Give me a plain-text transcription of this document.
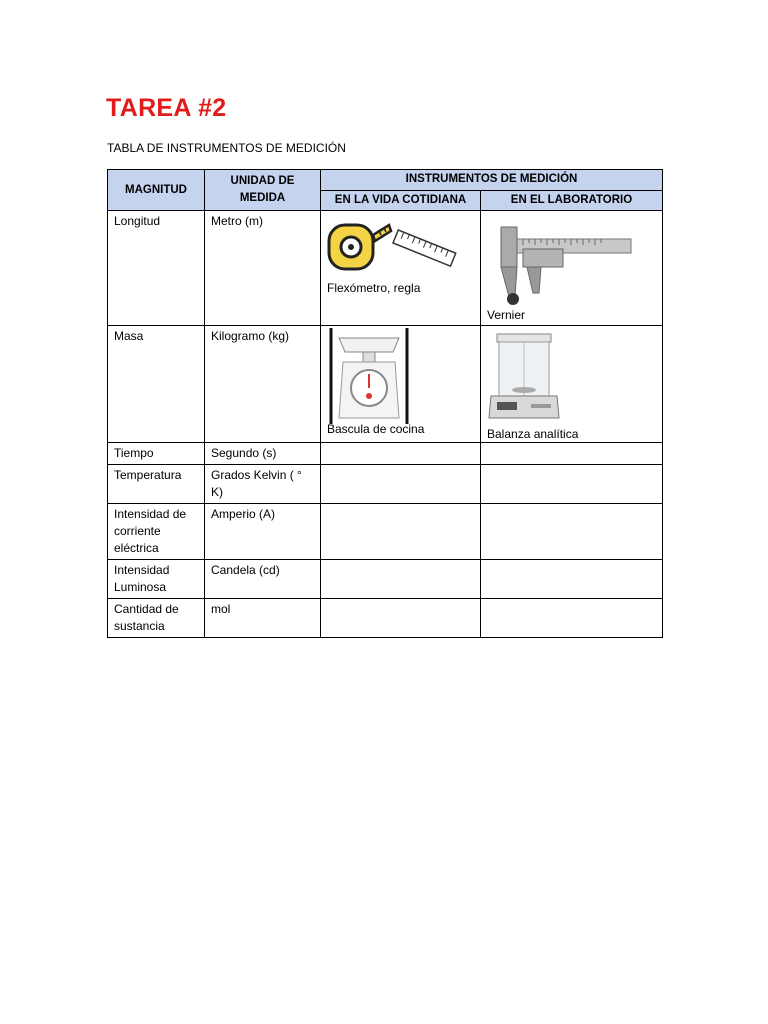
TAREA #2
TABLA DE INSTRUMENTOS DE MEDICIÓN
MAGNITUD	UNIDAD DE MEDIDA	INSTRUMENTOS DE MEDICIÓN	
		EN LA VIDA COTIDIANA	EN EL LABORATORIO
Longitud	Metro (m)	Flexómetro, regla	Vernier

Masa	Kilogramo (kg)	Bascula de cocina	Balanza analítica

Tiempo	Segundo (s)		
Temperatura	Grados Kelvin ( ° K)		
Intensidad de corriente eléctrica	Amperio (A)		
Intensidad Luminosa	Candela (cd)		
Cantidad de sustancia	mol		
